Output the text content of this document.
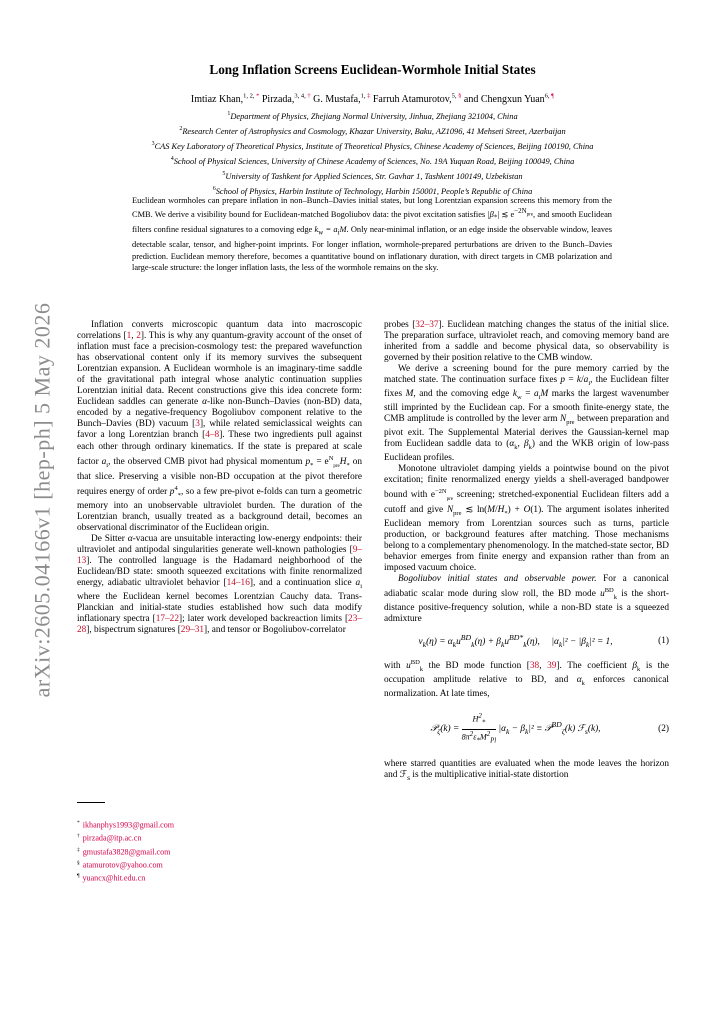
arXiv:2605.04166v1 [hep-ph] 5 May 2026
Long Inflation Screens Euclidean-Wormhole Initial States
Imtiaz Khan,$^{1, 2, *}$ Pirzada,$^{3, 4, \dagger}$ G. Mustafa,$^{1, \ddagger}$ Farruh Atamurotov,$^{5, \S}$ and Chengxun Yuan$^{6, \P}$
$^1$Department of Physics, Zhejiang Normal University, Jinhua, Zhejiang 321004, China
$^2$Research Center of Astrophysics and Cosmology, Khazar University, Baku, AZ1096, 41 Mehseti Street, Azerbaijan
$^3$CAS Key Laboratory of Theoretical Physics, Institute of Theoretical Physics, Chinese Academy of Sciences, Beijing 100190, China
$^4$School of Physical Sciences, University of Chinese Academy of Sciences, No. 19A Yuquan Road, Beijing 100049, China
$^5$University of Tashkent for Applied Sciences, Str. Gavhar 1, Tashkent 100149, Uzbekistan
$^6$School of Physics, Harbin Institute of Technology, Harbin 150001, People’s Republic of China
Euclidean wormholes can prepare inflation in non–Bunch–Davies initial states, but long Lorentzian expansion screens this memory from the CMB. We derive a visibility bound for Euclidean-matched Bogoliubov data: the pivot excitation satisfies $|\beta_*|$ ≲ $e^{-2N_{pre}}$, and smooth Euclidean filters confine residual signatures to a comoving edge $k_w = a_iM$. Only near-minimal inflation, or an edge inside the observable window, leaves detectable scalar, tensor, and higher-point imprints. For longer inflation, wormhole-prepared perturbations are driven to the Bunch–Davies prediction. Euclidean memory therefore, becomes a quantitative bound on inflationary duration, with direct targets in CMB polarization and large-scale structure: the longer inflation lasts, the less of the wormhole remains on the sky.

Inflation converts microscopic quantum data into macroscopic correlations [1, 2]. This is why any quantum-gravity account of the onset of inflation must face a precision-cosmology test: the prepared wavefunction has observational content only if its memory survives the subsequent Lorentzian expansion. A Euclidean wormhole is an imaginary-time saddle of the gravitational path integral whose analytic continuation supplies Lorentzian initial data. Recent constructions give this idea concrete form: Euclidean saddles can generate α-like non-Bunch–Davies (non-BD) data, encoded by a negative-frequency Bogoliubov component relative to the Bunch–Davies (BD) vacuum [3], while related semiclassical weights can favor a long Lorentzian branch [4–8]. These two ingredients pull against each other through ordinary kinematics. If the state is prepared at scale factor $a_i$, the observed CMB pivot had physical momentum $p_* = e^N_{pre}H_*$ on that slice. Preserving a visible non-BD occupation at the pivot therefore requires energy of order $p^4_*$, so a few pre-pivot e-folds can turn a geometric memory into an unobservable ultraviolet burden. The duration of the Lorentzian branch, usually treated as a background detail, becomes an observational discriminator of the Euclidean origin.

De Sitter α-vacua are unsuitable interacting low-energy endpoints: their ultraviolet and antipodal singularities generate well-known pathologies [9–13]. The controlled language is the Hadamard neighborhood of the Euclidean/BD state: smooth squeezed excitations with finite renormalized energy, adiabatic ultraviolet behavior [14–16], and a continuation slice $a_i$ where the Euclidean kernel becomes Lorentzian Cauchy data. Trans-Planckian and initial-state studies established how such data modify inflationary spectra [17–22]; later work developed backreaction limits [23–28], bispectrum signatures [29–31], and tensor or Bogoliubov-correlator

* ikhanphys1993@gmail.com
† pirzada@itp.ac.cn
‡ gmustafa3828@gmail.com
§ atamurotov@yahoo.com
¶ yuancx@hit.edu.cn

probes [32–37]. Euclidean matching changes the status of the initial slice. The preparation surface, ultraviolet reach, and comoving memory band are inherited from a saddle and become physical data, so observability is governed by their position relative to the CMB window.

We derive a screening bound for the pure memory carried by the matched state. The continuation surface fixes $p = k/a_i$, the Euclidean filter fixes M, and the comoving edge $k_w = a_iM$ marks the largest wavenumber still imprinted by the Euclidean cap. For a smooth finite-energy state, the CMB amplitude is controlled by the lever arm $N_{pre}$ between preparation and pivot exit. The Supplemental Material derives the Gaussian-kernel map from Euclidean saddle data to ($\alpha_k$, $\beta_k$) and the WKB origin of low-pass Euclidean profiles.

Monotone ultraviolet damping yields a pointwise bound on the pivot excitation; finite renormalized energy yields a shell-averaged bandpower bound with $e^{-2N}_{pre}$ screening; stretched-exponential Euclidean filters add a cutoff and give $N_{pre}$ ≲ $\ln(M/H_*) + O(1)$. The argument isolates inherited Euclidean memory from Lorentzian sources such as turns, particle production, or background features after matching. Those mechanisms belong to a complementary phenomenology. In the matched-state sector, BD behavior emerges from finite energy and expansion rather than from an imposed vacuum choice.

Bogoliubov initial states and observable power. For a canonical adiabatic scalar mode during slow roll, the BD mode $u^{BD}_k$ is the short-distance positive-frequency solution, while a non-BD state is a squeezed admixture

$v_k(\eta) = \alpha_ku^{BD}_k(\eta) + \beta_ku^{BD*}_k(\eta)$, $|\alpha_k|^2 - |\beta_k|^2 = 1$,	(1)

with $u^{BD}_k$ the BD mode function [38, 39]. The coefficient $\beta_k$ is the occupation amplitude relative to BD, and $\alpha_k$ enforces canonical normalization. At late times,

𝒫$_\zeta$(k) = $\frac{H^2_*}{8\pi^2\varepsilon_*M^2_{Pl}} |\alpha_k - \beta_k|^2$ ≡ 𝒫$^{BD}_\zeta$(k) ℱ$_s$(k),	(2)

where starred quantities are evaluated when the mode leaves the horizon and ℱ$_s$ is the multiplicative initial-state distortion
